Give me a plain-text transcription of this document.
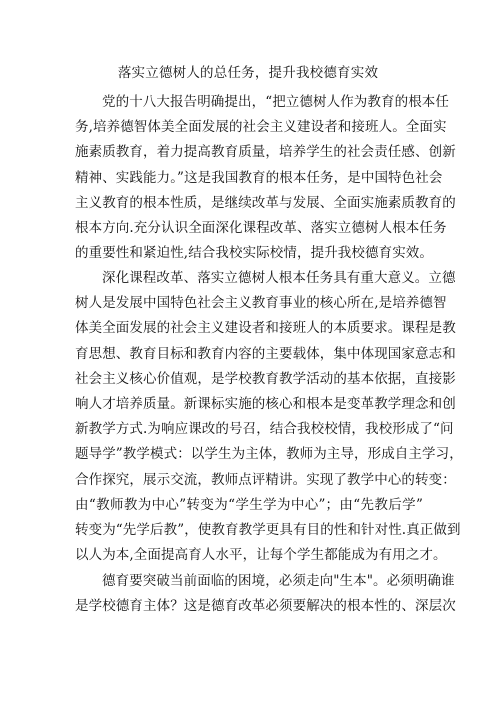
落实立德树人的总任务，提升我校德育实效
党的十八大报告明确提出，“把立德树人作为教育的根本任
务,培养德智体美全面发展的社会主义建设者和接班人。全面实
施素质教育，着力提高教育质量，培养学生的社会责任感、创新
精神、实践能力。”这是我国教育的根本任务，是中国特色社会
主义教育的根本性质，是继续改革与发展、全面实施素质教育的
根本方向.充分认识全面深化课程改革、落实立德树人根本任务
的重要性和紧迫性,结合我校实际校情，提升我校德育实效。
深化课程改革、落实立德树人根本任务具有重大意义。立德
树人是发展中国特色社会主义教育事业的核心所在,是培养德智
体美全面发展的社会主义建设者和接班人的本质要求。课程是教
育思想、教育目标和教育内容的主要载体，集中体现国家意志和
社会主义核心价值观，是学校教育教学活动的基本依据，直接影
响人才培养质量。新课标实施的核心和根本是变革教学理念和创
新教学方式.为响应课改的号召，结合我校校情，我校形成了“问
题导学”教学模式：以学生为主体，教师为主导，形成自主学习，
合作探究，展示交流，教师点评精讲。实现了教学中心的转变：
由“教师教为中心”转变为“学生学为中心”；由“先教后学”
转变为“先学后教”，使教育教学更具有目的性和针对性.真正做到
以人为本,全面提高育人水平，让每个学生都能成为有用之才。
德育要突破当前面临的困境，必须走向"生本"。必须明确谁
是学校德育主体？这是德育改革必须要解决的根本性的、深层次
